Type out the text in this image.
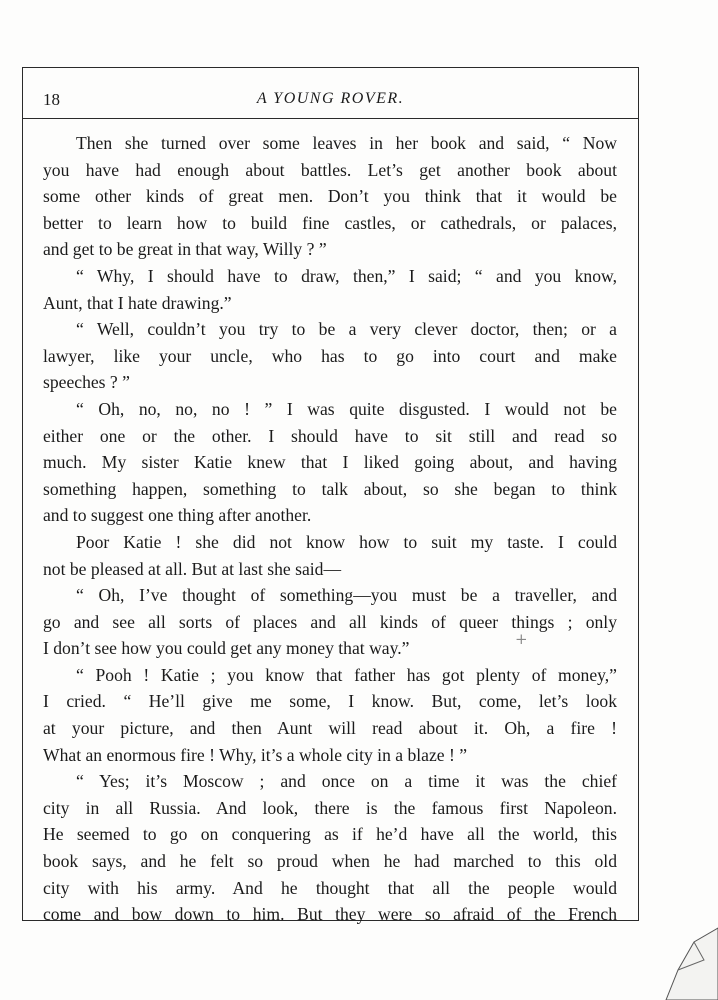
18	A YOUNG ROVER.
Then she turned over some leaves in her book and said, “ Now
you have had enough about battles. Let’s get another book about
some other kinds of great men. Don’t you think that it would be
better to learn how to build fine castles, or cathedrals, or palaces,
and get to be great in that way, Willy ? ”
“ Why, I should have to draw, then,” I said; “ and you know,
Aunt, that I hate drawing.”
“ Well, couldn’t you try to be a very clever doctor, then; or a
lawyer, like your uncle, who has to go into court and make
speeches ? ”
“ Oh, no, no, no ! ” I was quite disgusted. I would not be
either one or the other. I should have to sit still and read so
much. My sister Katie knew that I liked going about, and having
something happen, something to talk about, so she began to think
and to suggest one thing after another.
Poor Katie ! she did not know how to suit my taste. I could
not be pleased at all. But at last she said—
“ Oh, I’ve thought of something—you must be a traveller, and
go and see all sorts of places and all kinds of queer things ; only
I don’t see how you could get any money that way.”
“ Pooh ! Katie ; you know that father has got plenty of money,”
I cried. “ He’ll give me some, I know. But, come, let’s look
at your picture, and then Aunt will read about it. Oh, a fire !
What an enormous fire ! Why, it’s a whole city in a blaze ! ”
“ Yes; it’s Moscow ; and once on a time it was the chief
city in all Russia. And look, there is the famous first Napoleon.
He seemed to go on conquering as if he’d have all the world, this
book says, and he felt so proud when he had marched to this old
city with his army. And he thought that all the people would
come and bow down to him. But they were so afraid of the French
+
